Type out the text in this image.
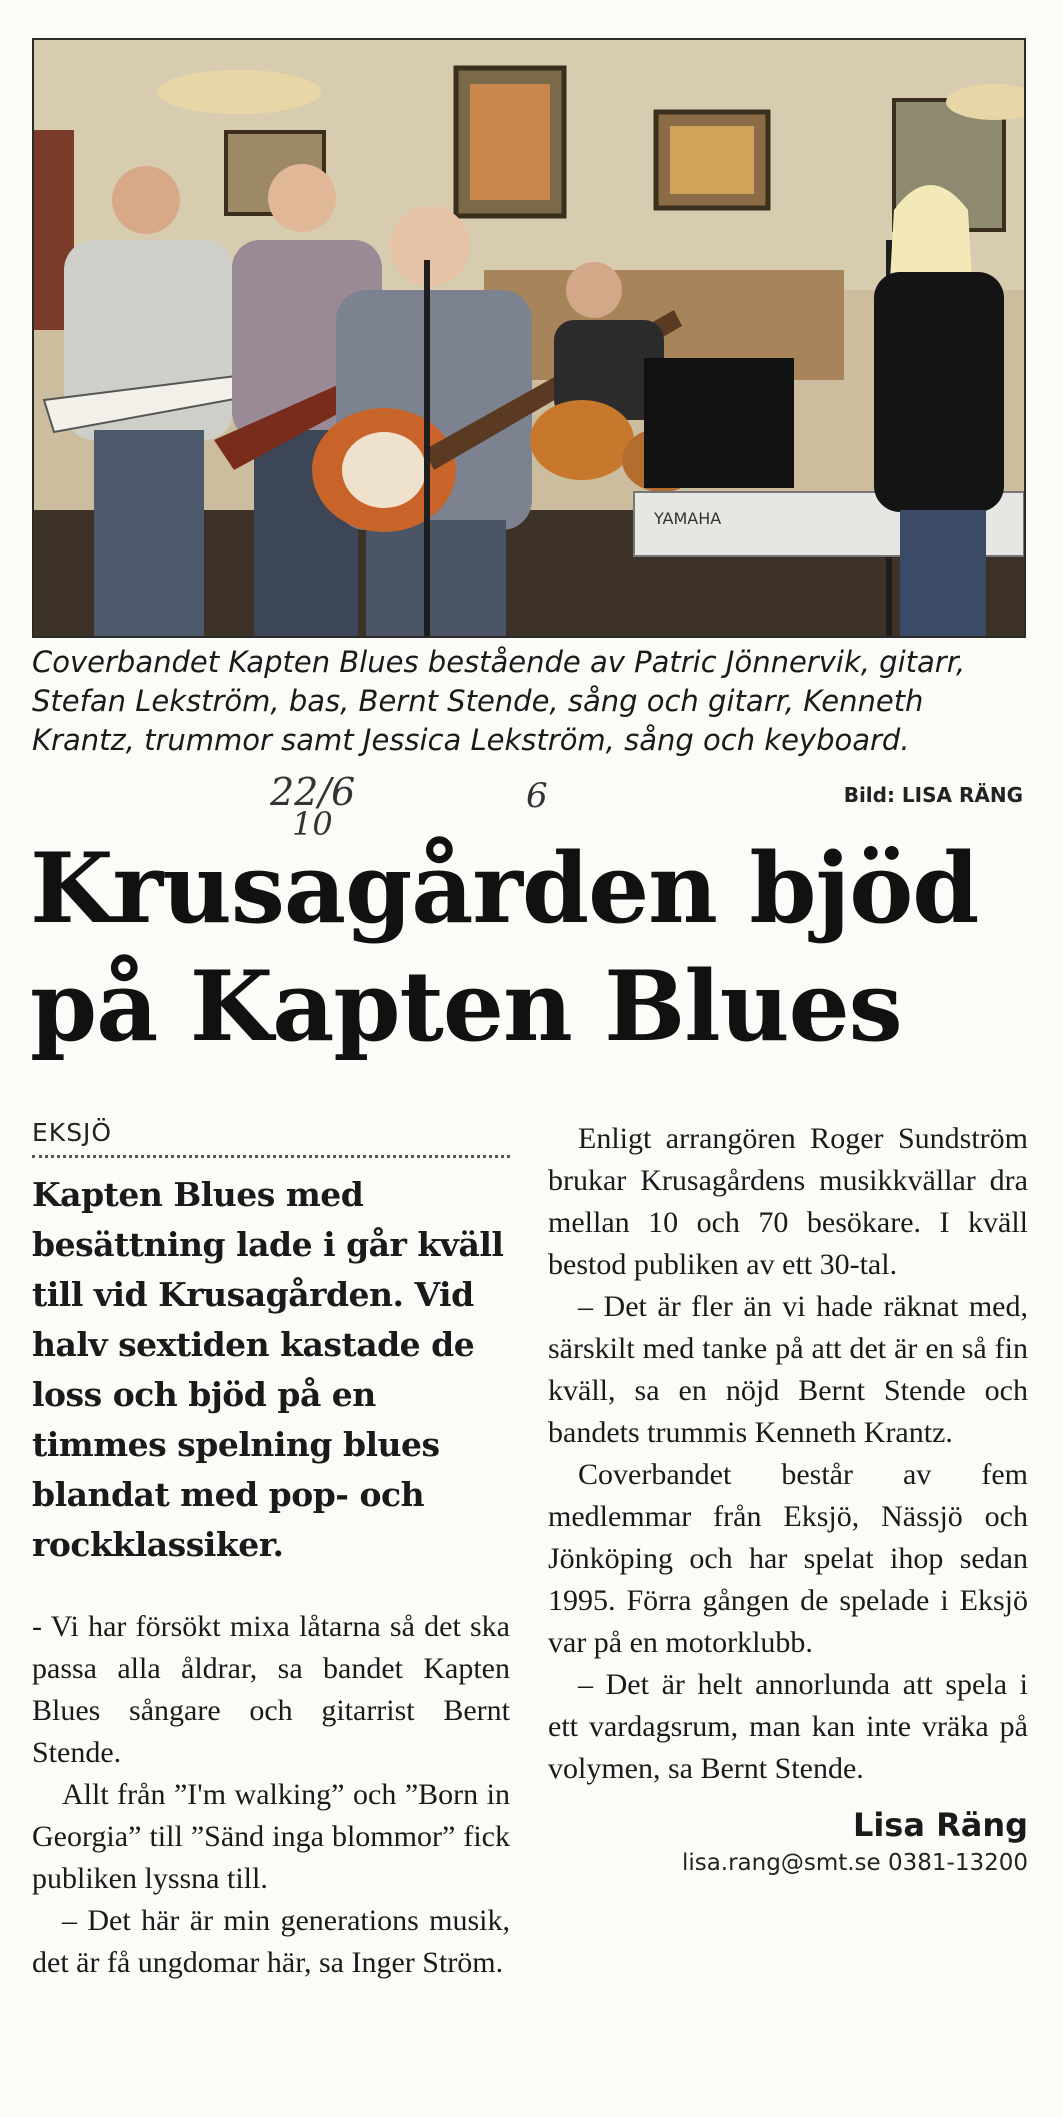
YAMAHA
Coverbandet Kapten Blues bestående av Patric Jönnervik, gitarr, Stefan Lekström, bas, Bernt Stende, sång och gitarr, Kenneth Krantz, trummor samt Jessica Lekström, sång och keyboard.
Bild: LISA RÄNG
22/6
10
6
Krusagården bjöd
på Kapten Blues
EKSJÖ
Kapten Blues med besättning lade i går kväll till vid Krusagården. Vid halv sextiden kastade de loss och bjöd på en timmes spelning blues blandat med pop- och rockklassiker.

- Vi har försökt mixa låtarna så det ska passa alla åldrar, sa bandet Kapten Blues sångare och gitarrist Bernt Stende.

Allt från ”I'm walking” och ”Born in Georgia” till ”Sänd inga blommor” fick publiken lyssna till.

– Det här är min generations musik, det är få ungdomar här, sa Inger Ström.

Enligt arrangören Roger Sundström brukar Krusagårdens musikkvällar dra mellan 10 och 70 besökare. I kväll bestod publiken av ett 30-tal.

– Det är fler än vi hade räknat med, särskilt med tanke på att det är en så fin kväll, sa en nöjd Bernt Stende och bandets trummis Kenneth Krantz.

Coverbandet består av fem medlemmar från Eksjö, Nässjö och Jönköping och har spelat ihop sedan 1995. Förra gången de spelade i Eksjö var på en motorklubb.

– Det är helt annorlunda att spela i ett vardagsrum, man kan inte vräka på volymen, sa Bernt Stende.

Lisa Räng
lisa.rang@smt.se 0381-13200
